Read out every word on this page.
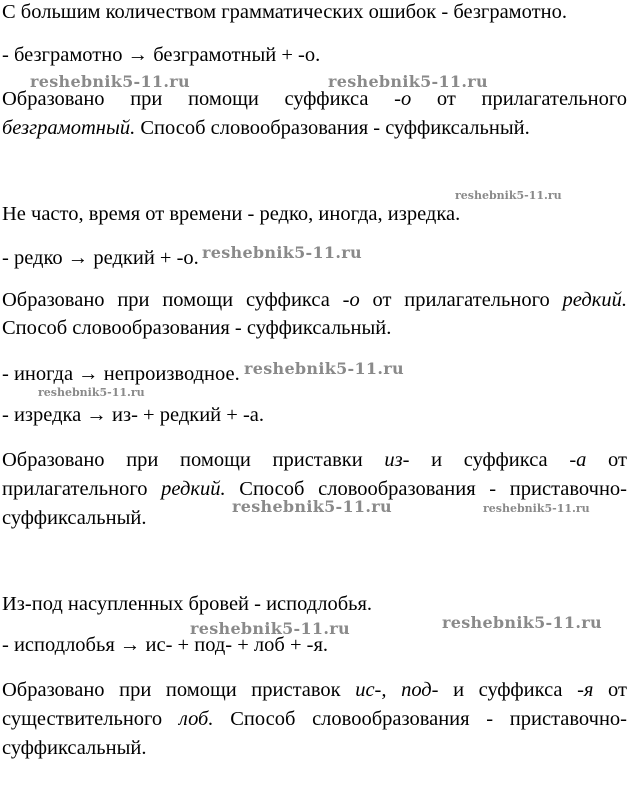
С большим количеством грамматических ошибок - безграмотно.

- безграмотно → безграмотный + -о.

Образовано при помощи суффикса -о от прилагательного

безграмотный. Способ словообразования - суффиксальный.

Не часто, время от времени - редко, иногда, изредка.

- редко → редкий + -о.

Образовано при помощи суффикса -о от прилагательного редкий.

Способ словообразования - суффиксальный.

- иногда → непроизводное.

- изредка → из- + редкий + -а.

Образовано при помощи приставки из- и суффикса -а от

прилагательного редкий. Способ словообразования - приставочно-

суффиксальный.

Из-под насупленных бровей - исподлобья.

- исподлобья → ис- + под- + лоб + -я.

Образовано при помощи приставок ис-, под- и суффикса -я от

существительного лоб. Способ словообразования - приставочно-

суффиксальный.

reshebnik5-11.ru	reshebnik5-11.ru
reshebnik5-11.ru
reshebnik5-11.ru
reshebnik5-11.ru
reshebnik5-11.ru
reshebnik5-11.ru	reshebnik5-11.ru
reshebnik5-11.ru	reshebnik5-11.ru
